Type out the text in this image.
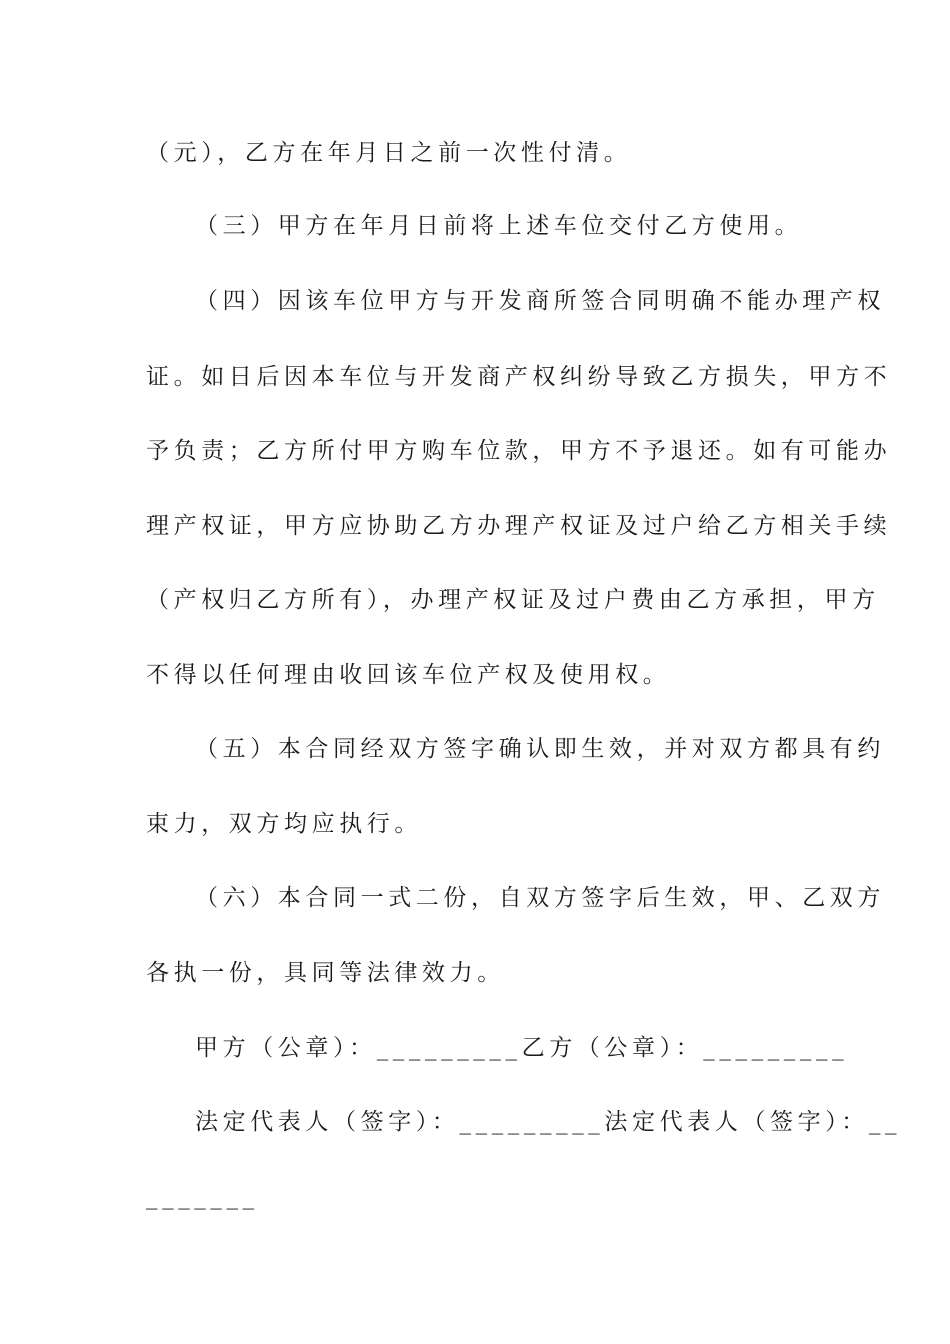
（元），乙方在年月日之前一次性付清。
（三）甲方在年月日前将上述车位交付乙方使用。
（四）因该车位甲方与开发商所签合同明确不能办理产权
证。如日后因本车位与开发商产权纠纷导致乙方损失，甲方不
予负责；乙方所付甲方购车位款，甲方不予退还。如有可能办
理产权证，甲方应协助乙方办理产权证及过户给乙方相关手续
（产权归乙方所有），办理产权证及过户费由乙方承担，甲方
不得以任何理由收回该车位产权及使用权。
（五）本合同经双方签字确认即生效，并对双方都具有约
束力，双方均应执行。
（六）本合同一式二份，自双方签字后生效，甲、乙双方
各执一份，具同等法律效力。
甲方（公章）：_________乙方（公章）：_________
法定代表人（签字）：_________法定代表人（签字）：__
_______
